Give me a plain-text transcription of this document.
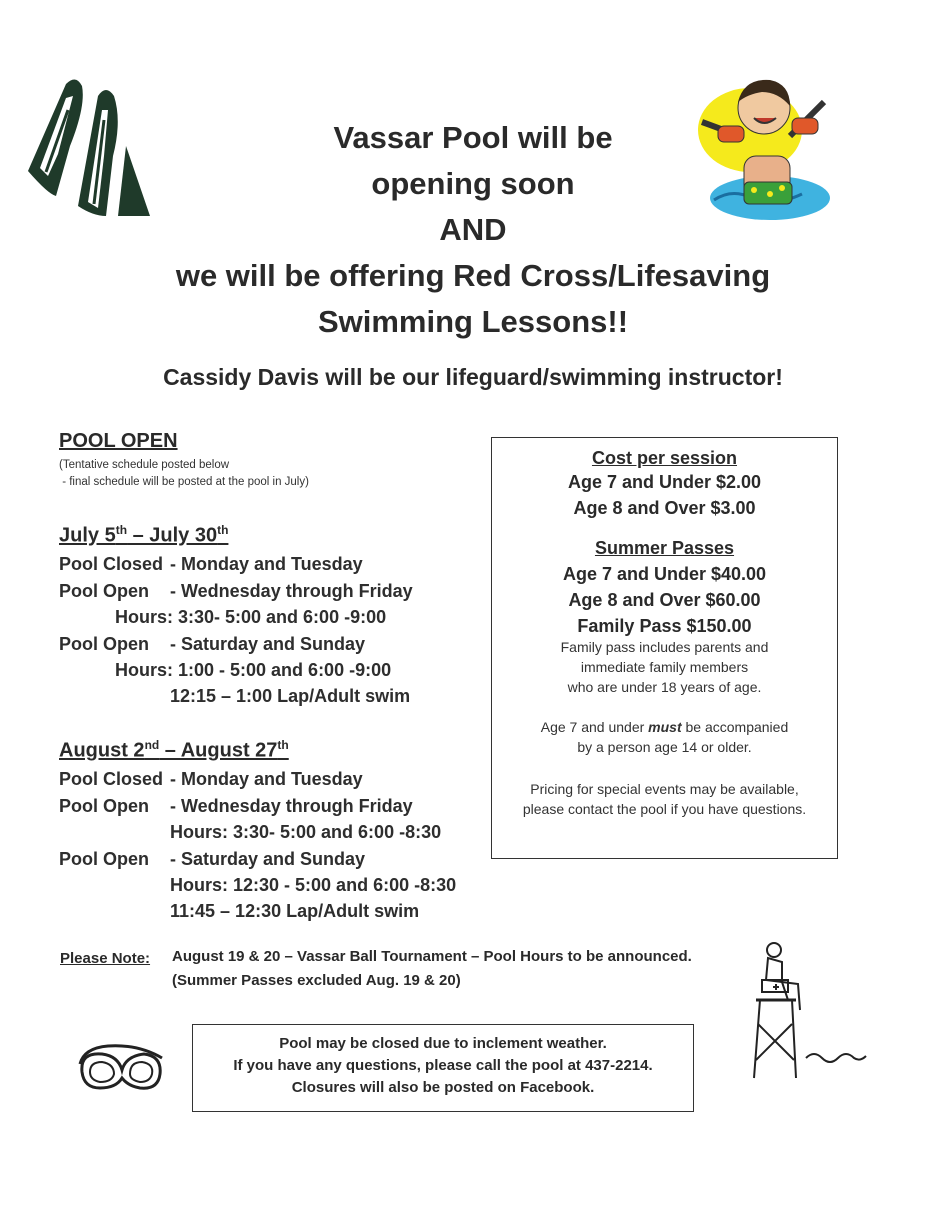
Vassar Pool will be
opening soon
AND
we will be offering Red Cross/Lifesaving
Swimming Lessons!!
Cassidy Davis will be our lifeguard/swimming instructor!
POOL OPEN
(Tentative schedule posted below
- final schedule will be posted at the pool in July)
July 5th – July 30th
Pool Closed - Monday and Tuesday
Pool Open - Wednesday through Friday
Hours: 3:30- 5:00 and 6:00 -9:00
Pool Open - Saturday and Sunday
Hours: 1:00 - 5:00 and 6:00 -9:00
12:15 – 1:00 Lap/Adult swim
August 2nd – August 27th
Pool Closed - Monday and Tuesday
Pool Open - Wednesday through Friday
Hours: 3:30- 5:00 and 6:00 -8:30
Pool Open - Saturday and Sunday
Hours: 12:30 - 5:00 and 6:00 -8:30
11:45 – 12:30 Lap/Adult swim
Cost per session
Age 7 and Under $2.00
Age 8 and Over $3.00
Summer Passes
Age 7 and Under $40.00
Age 8 and Over $60.00
Family Pass $150.00
Family pass includes parents and
immediate family members
who are under 18 years of age.
Age 7 and under must be accompanied
by a person age 14 or older.
Pricing for special events may be available,
please contact the pool if you have questions.
Please Note: August 19 & 20 – Vassar Ball Tournament – Pool Hours to be announced.
(Summer Passes excluded Aug. 19 & 20)
Pool may be closed due to inclement weather.
If you have any questions, please call the pool at 437-2214.
Closures will also be posted on Facebook.
